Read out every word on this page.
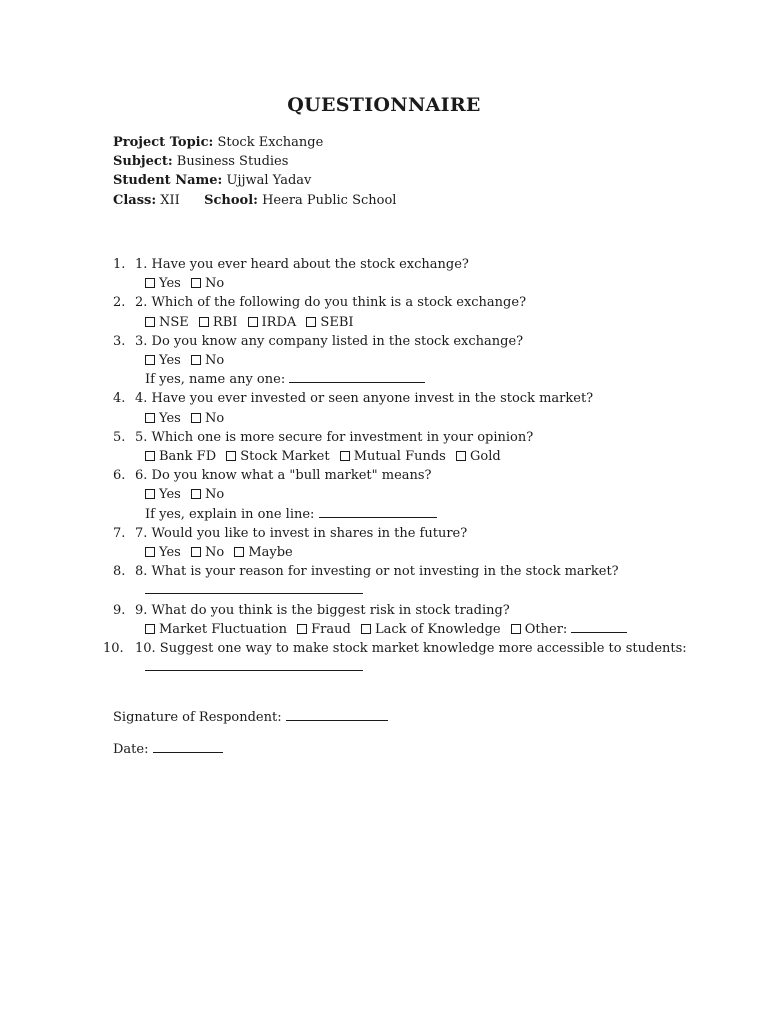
QUESTIONNAIRE
Project Topic: Stock Exchange
Subject: Business Studies
Student Name: Ujjwal Yadav
Class: XII School: Heera Public School
1. 1. Have you ever heard about the stock exchange?
Yes No
2. 2. Which of the following do you think is a stock exchange?
NSE RBI IRDA SEBI
3. 3. Do you know any company listed in the stock exchange?
Yes No
If yes, name any one:
4. 4. Have you ever invested or seen anyone invest in the stock market?
Yes No
5. 5. Which one is more secure for investment in your opinion?
Bank FD Stock Market Mutual Funds Gold
6. 6. Do you know what a "bull market" means?
Yes No
If yes, explain in one line:
7. 7. Would you like to invest in shares in the future?
Yes No Maybe
8. 8. What is your reason for investing or not investing in the stock market?
9. 9. What do you think is the biggest risk in stock trading?
Market Fluctuation Fraud Lack of Knowledge Other:
10. 10. Suggest one way to make stock market knowledge more accessible to students:
Signature of Respondent:
Date:
